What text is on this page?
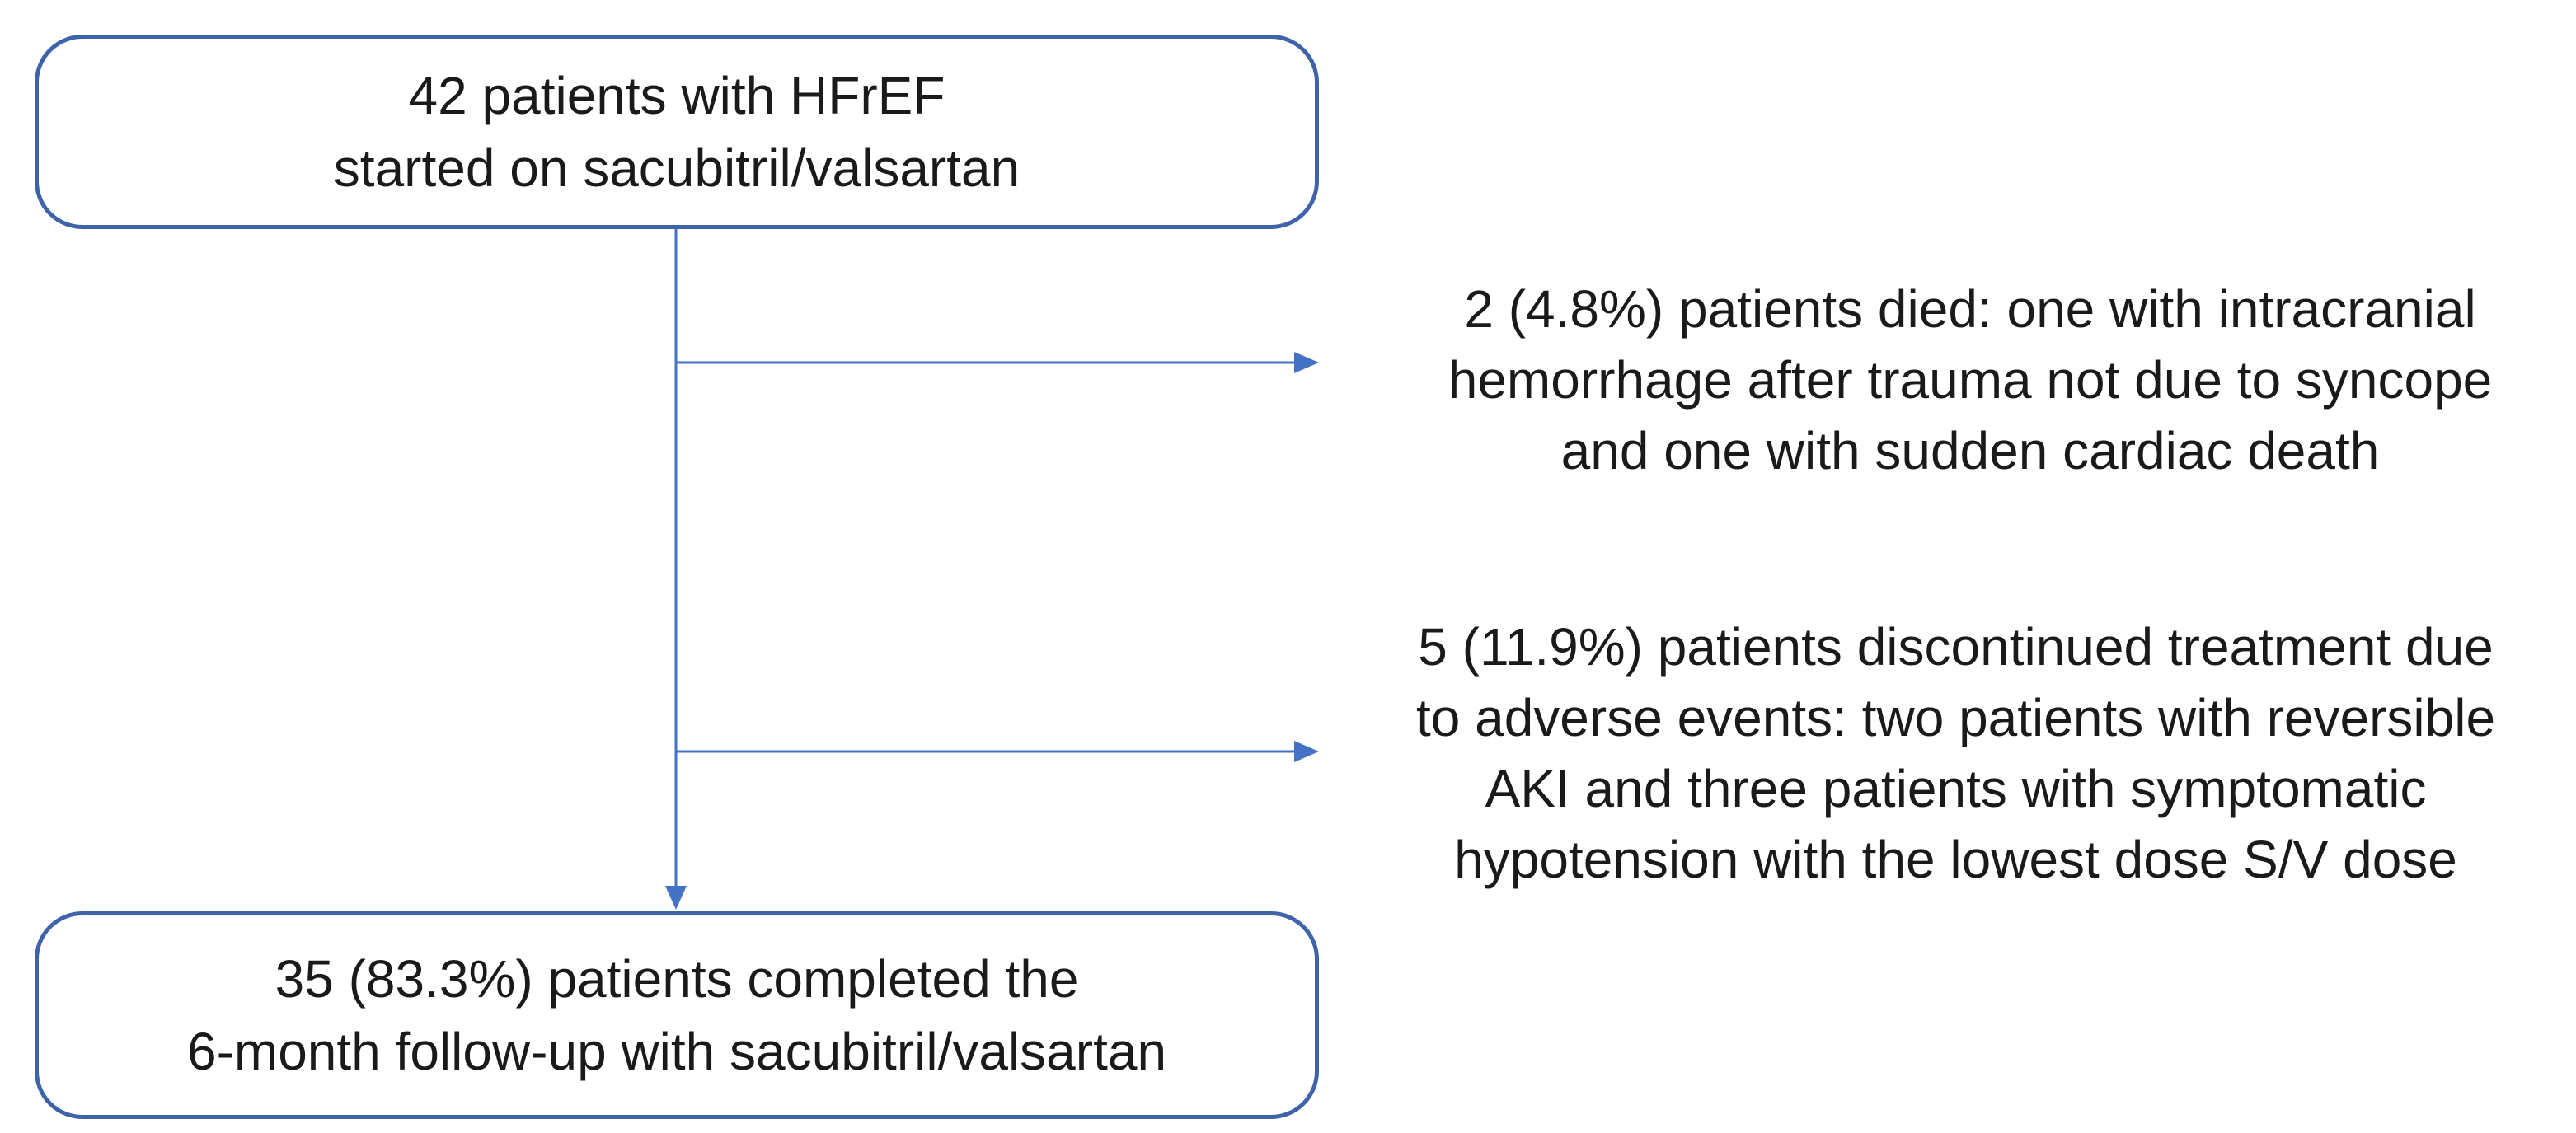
42 patients with HFrEF
started on sacubitril/valsartan
2 (4.8%) patients died: one with intracranial
hemorrhage after trauma not due to syncope
and one with sudden cardiac death
5 (11.9%) patients discontinued treatment due
to adverse events: two patients with reversible
AKI and three patients with symptomatic
hypotension with the lowest dose S/V dose
35 (83.3%) patients completed the
6-month follow-up with sacubitril/valsartan
